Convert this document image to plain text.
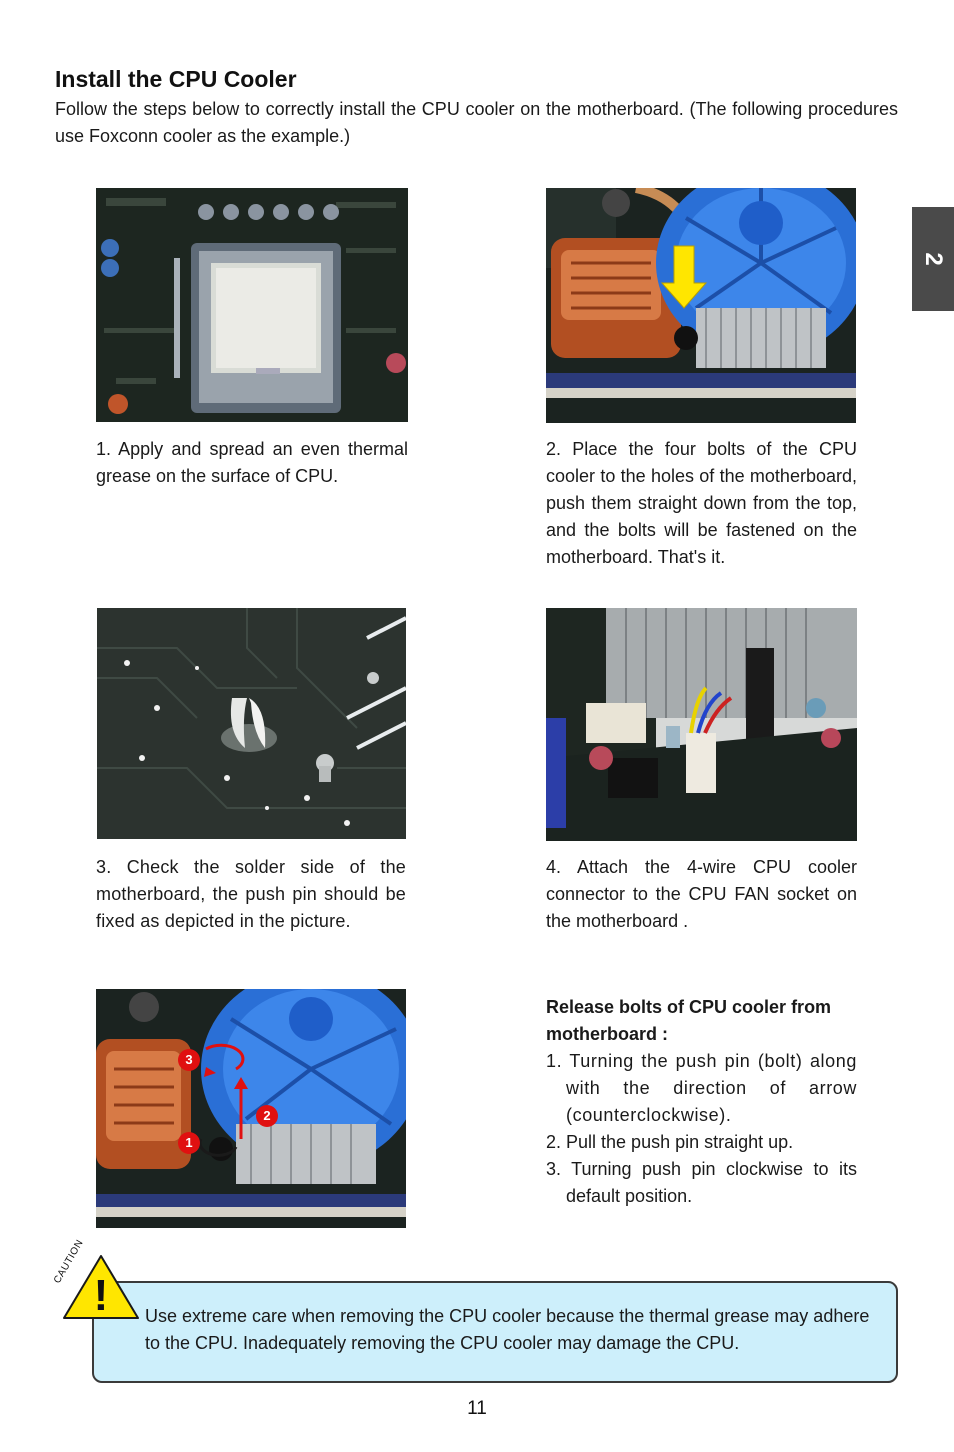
Install the CPU Cooler
Follow the steps below to correctly install the CPU cooler on the motherboard. (The following procedures use Foxconn cooler as the example.)
2
1. Apply and spread an even thermal grease on the surface of CPU.
2. Place the four bolts of the CPU cooler to the holes of the motherboard, push them straight down from the top, and the bolts will be fastened on the motherboard. That's it.
3. Check the solder side of the motherboard, the push pin should be fixed as depicted in the picture.
4. Attach the 4-wire CPU cooler connector to the CPU FAN socket on the motherboard .
3
2
1
Release bolts of CPU cooler from motherboard :
1. Turning the push pin (bolt) along with the direction of arrow (counterclockwise).
2. Pull the push pin straight up.
3. Turning push pin clockwise to its default position.
!
CAUTION
Use extreme care when removing the CPU cooler because the thermal grease may adhere to the CPU. Inadequately removing the CPU cooler may damage the CPU.
11
